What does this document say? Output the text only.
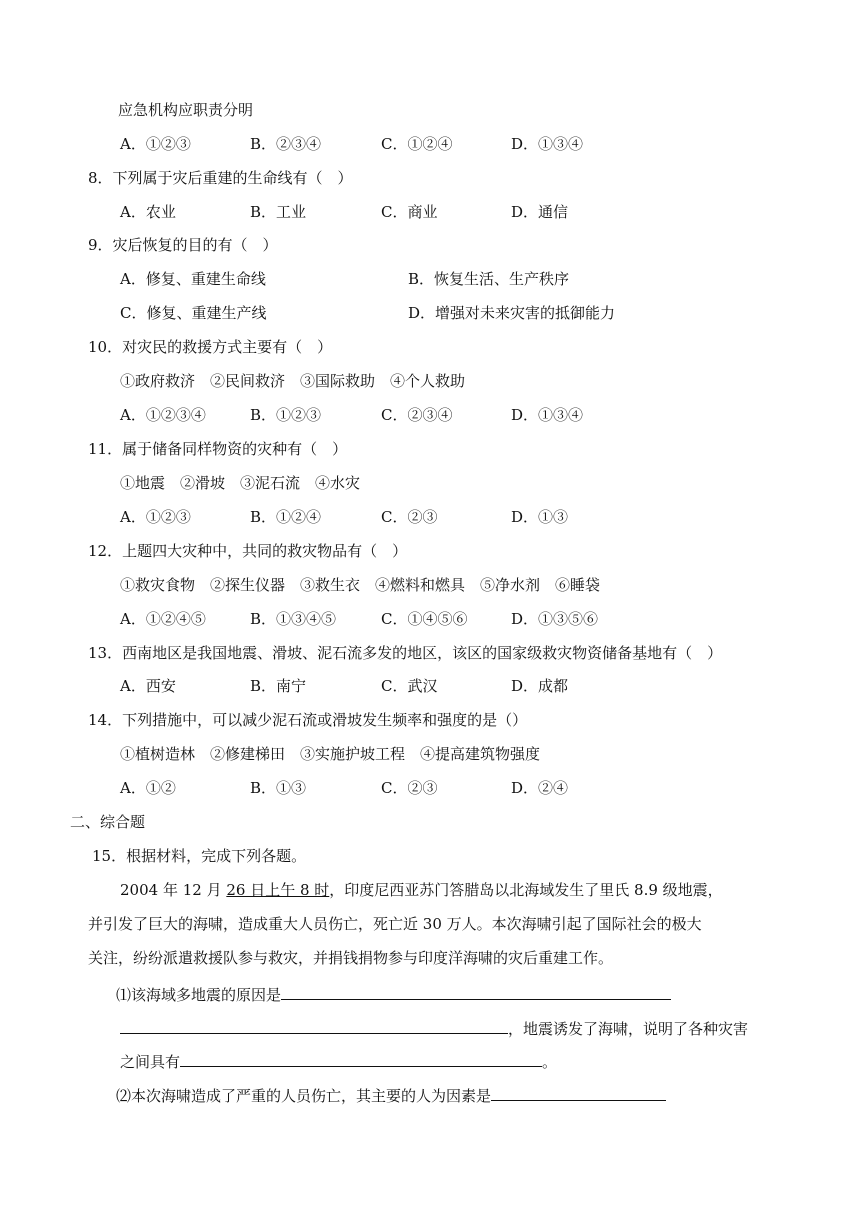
应急机构应职责分明
A．①②③	B．②③④	C．①②④	D．①③④
8．下列属于灾后重建的生命线有（　）
A．农业	B．工业	C．商业	D．通信
9．灾后恢复的目的有（　）
A．修复、重建生命线	B．恢复生活、生产秩序
C．修复、重建生产线	D．增强对未来灾害的抵御能力
10．对灾民的救援方式主要有（　）
①政府救济　②民间救济　③国际救助　④个人救助
A．①②③④	B．①②③	C．②③④	D．①③④
11．属于储备同样物资的灾种有（　）
①地震　②滑坡　③泥石流　④水灾
A．①②③	B．①②④	C．②③	D．①③
12．上题四大灾种中，共同的救灾物品有（　）
①救灾食物　②探生仪器　③救生衣　④燃料和燃具　⑤净水剂　⑥睡袋
A．①②④⑤	B．①③④⑤	C．①④⑤⑥	D．①③⑤⑥
13．西南地区是我国地震、滑坡、泥石流多发的地区，该区的国家级救灾物资储备基地有（　）
A．西安	B．南宁	C．武汉	D．成都
14．下列措施中，可以减少泥石流或滑坡发生频率和强度的是（）
①植树造林　②修建梯田　③实施护坡工程　④提高建筑物强度
A．①②	B．①③	C．②③	D．②④
二、综合题
15．根据材料，完成下列各题。
2004 年 12 月 26 日上午 8 时，印度尼西亚苏门答腊岛以北海域发生了里氏 8.9 级地震，
并引发了巨大的海啸，造成重大人员伤亡，死亡近 30 万人。本次海啸引起了国际社会的极大
关注，纷纷派遣救援队参与救灾，并捐钱捐物参与印度洋海啸的灾后重建工作。
⑴该海域多地震的原因是
，地震诱发了海啸，说明了各种灾害
之间具有	。
⑵本次海啸造成了严重的人员伤亡，其主要的人为因素是
